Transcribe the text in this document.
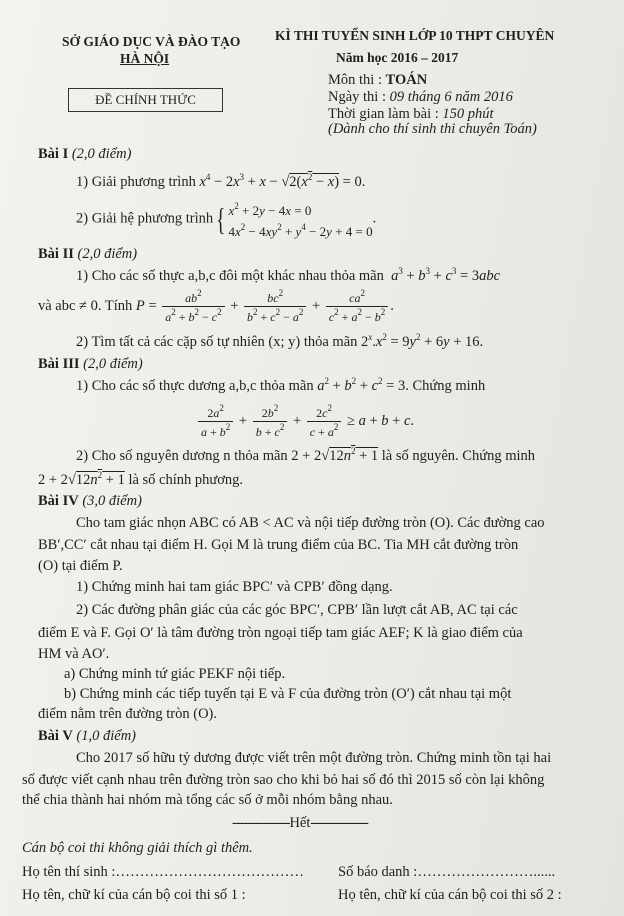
SỞ GIÁO DỤC VÀ ĐÀO TẠO
HÀ NỘI
KÌ THI TUYỂN SINH LỚP 10 THPT CHUYÊN
Năm học 2016 – 2017
ĐỀ CHÍNH THỨC
Môn thi : TOÁN
Ngày thi : 09 tháng 6 năm 2016
Thời gian làm bài : 150 phút
(Dành cho thí sinh thi chuyên Toán)
Bài I (2,0 điểm)
1) Giải phương trình $x^4 - 2x^3 + x - √2(x^2 - x) = 0$.
2) Giải hệ phương trình{ $x^2 + 2y - 4x = 0$
$4x^2 - 4xy^2 + y^4 - 2y + 4 = 0$.
Bài II (2,0 điểm)
1) Cho các số thực a,b,c đôi một khác nhau thỏa mãn $a^3 + b^3 + c^3 = 3abc$
và abc ≠ 0. Tính $P = \frac{ab^2}{a^2 + b^2 - c^2} + \frac{bc^2}{b^2 + c^2 - a^2} + \frac{ca^2}{c^2 + a^2 - b^2}$ .
2) Tìm tất cả các cặp số tự nhiên (x; y) thỏa mãn $2^x.x^2 = 9y^2 + 6y + 16$.
Bài III (2,0 điểm)
1) Cho các số thực dương a,b,c thỏa mãn $a^2 + b^2 + c^2 = 3$. Chứng minh
$\frac{2a^2}{a + b^2} + \frac{2b^2}{b + c^2} + \frac{2c^2}{c + a^2} \ge a + b + c$.
2) Cho số nguyên dương n thỏa mãn $2 + 2√12n^2 + 1$ là số nguyên. Chứng minh
$2 + 2√12n^2 + 1$ là số chính phương.
Bài IV (3,0 điểm)
Cho tam giác nhọn ABC có AB < AC và nội tiếp đường tròn (O). Các đường cao
BB′,CC′ cắt nhau tại điểm H. Gọi M là trung điểm của BC. Tia MH cắt đường tròn
(O) tại điểm P.
1) Chứng minh hai tam giác BPC′ và CPB′ đồng dạng.
2) Các đường phân giác của các góc BPC′, CPB′ lần lượt cắt AB, AC tại các
điểm E và F. Gọi O′ là tâm đường tròn ngoại tiếp tam giác AEF; K là giao điểm của
HM và AO′.
a) Chứng minh tứ giác PEKF nội tiếp.
b) Chứng minh các tiếp tuyến tại E và F của đường tròn (O′) cắt nhau tại một
điểm nằm trên đường tròn (O).
Bài V (1,0 điểm)
Cho 2017 số hữu tỷ dương được viết trên một đường tròn. Chứng minh tồn tại hai
số được viết cạnh nhau trên đường tròn sao cho khi bỏ hai số đó thì 2015 số còn lại không
thể chia thành hai nhóm mà tổng các số ở mỗi nhóm bằng nhau.
---------------Hết---------------
Cán bộ coi thi không giải thích gì thêm.
Họ tên thí sinh :………………………………… Số báo danh :……………………......
Họ tên, chữ kí của cán bộ coi thi số 1 :	Họ tên, chữ kí của cán bộ coi thi số 2 :
